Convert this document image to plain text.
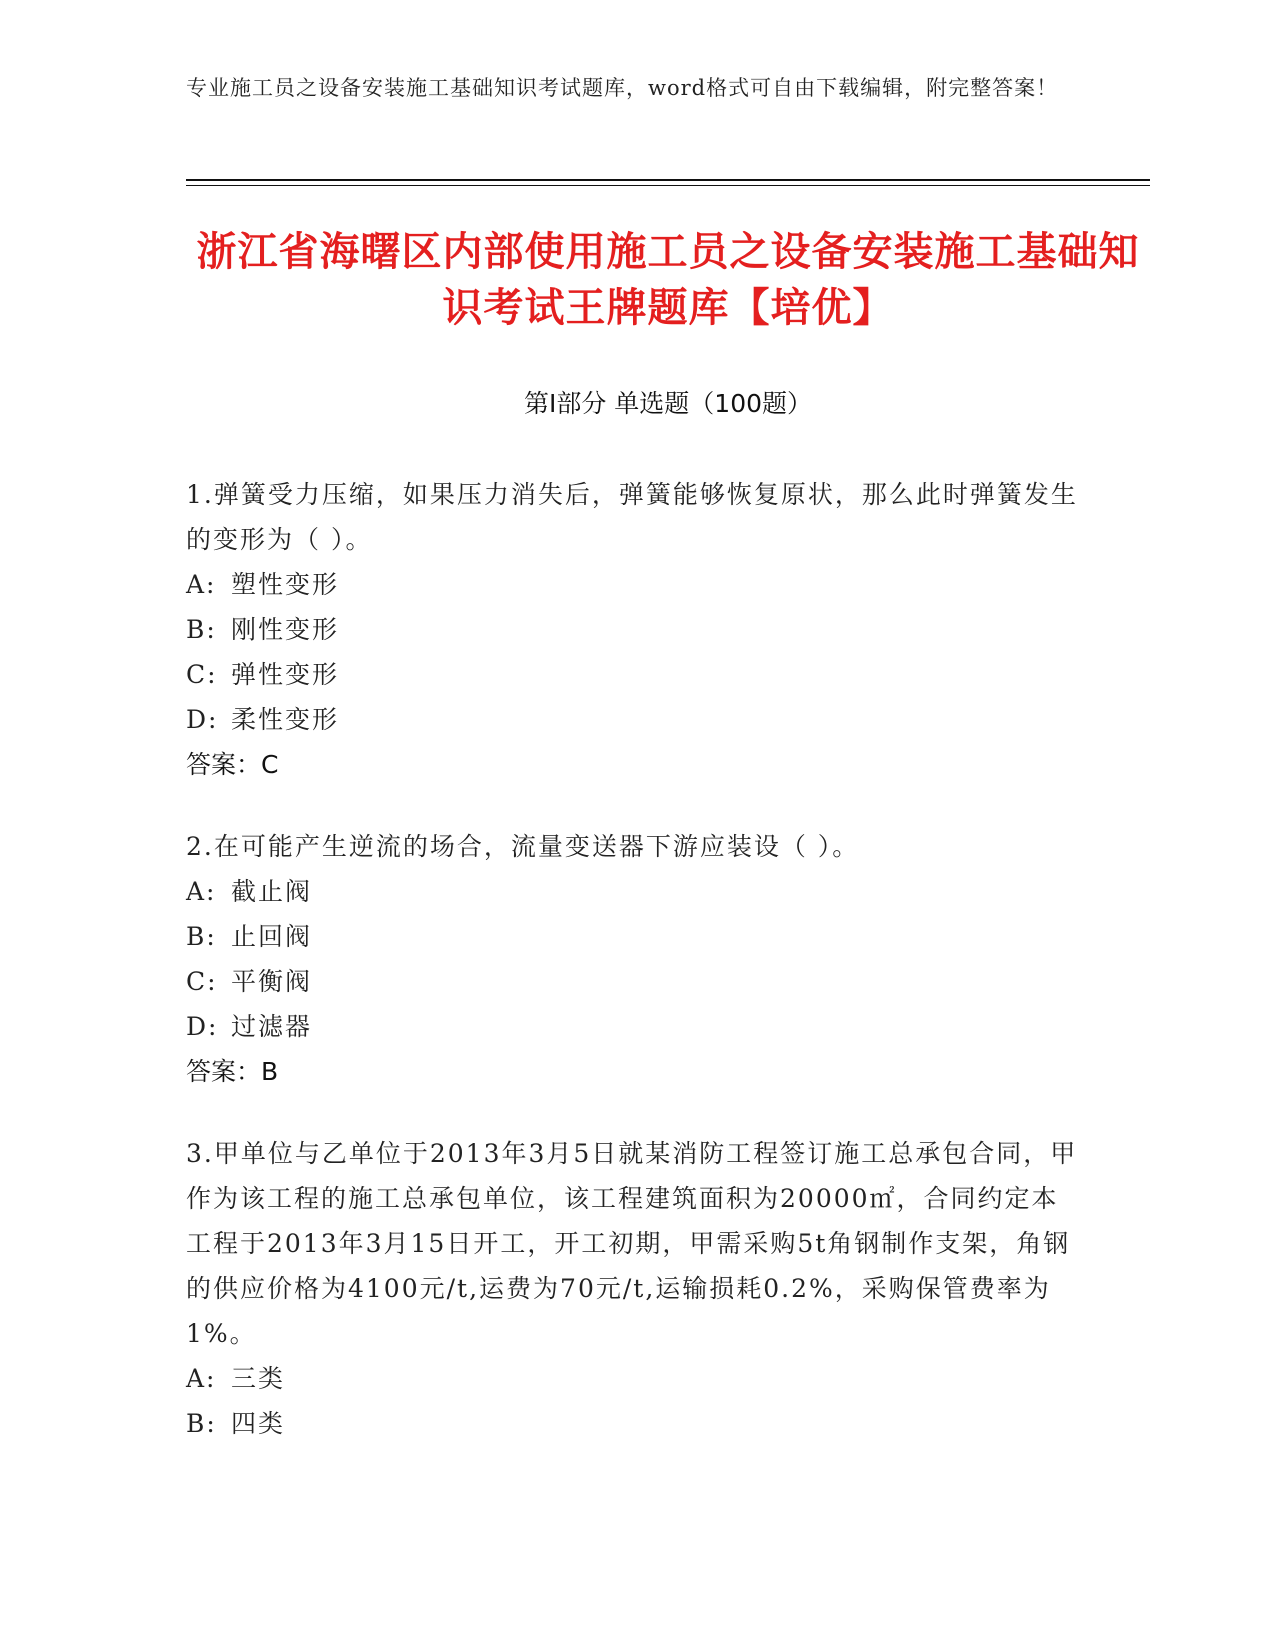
专业施工员之设备安装施工基础知识考试题库，word格式可自由下载编辑，附完整答案！
浙江省海曙区内部使用施工员之设备安装施工基础知识考试王牌题库【培优】
第I部分 单选题（100题）
1.弹簧受力压缩，如果压力消失后，弹簧能够恢复原状，那么此时弹簧发生的变形为（ ）。
A: 塑性变形
B: 刚性变形
C: 弹性变形
D: 柔性变形
答案：C
2.在可能产生逆流的场合，流量变送器下游应装设（ ）。
A: 截止阀
B: 止回阀
C: 平衡阀
D: 过滤器
答案：B
3.甲单位与乙单位于2013年3月5日就某消防工程签订施工总承包合同，甲作为该工程的施工总承包单位，该工程建筑面积为20000㎡，合同约定本工程于2013年3月15日开工，开工初期，甲需采购5t角钢制作支架，角钢的供应价格为4100元/t,运费为70元/t,运输损耗0.2%，采购保管费率为1%。
A: 三类
B: 四类
